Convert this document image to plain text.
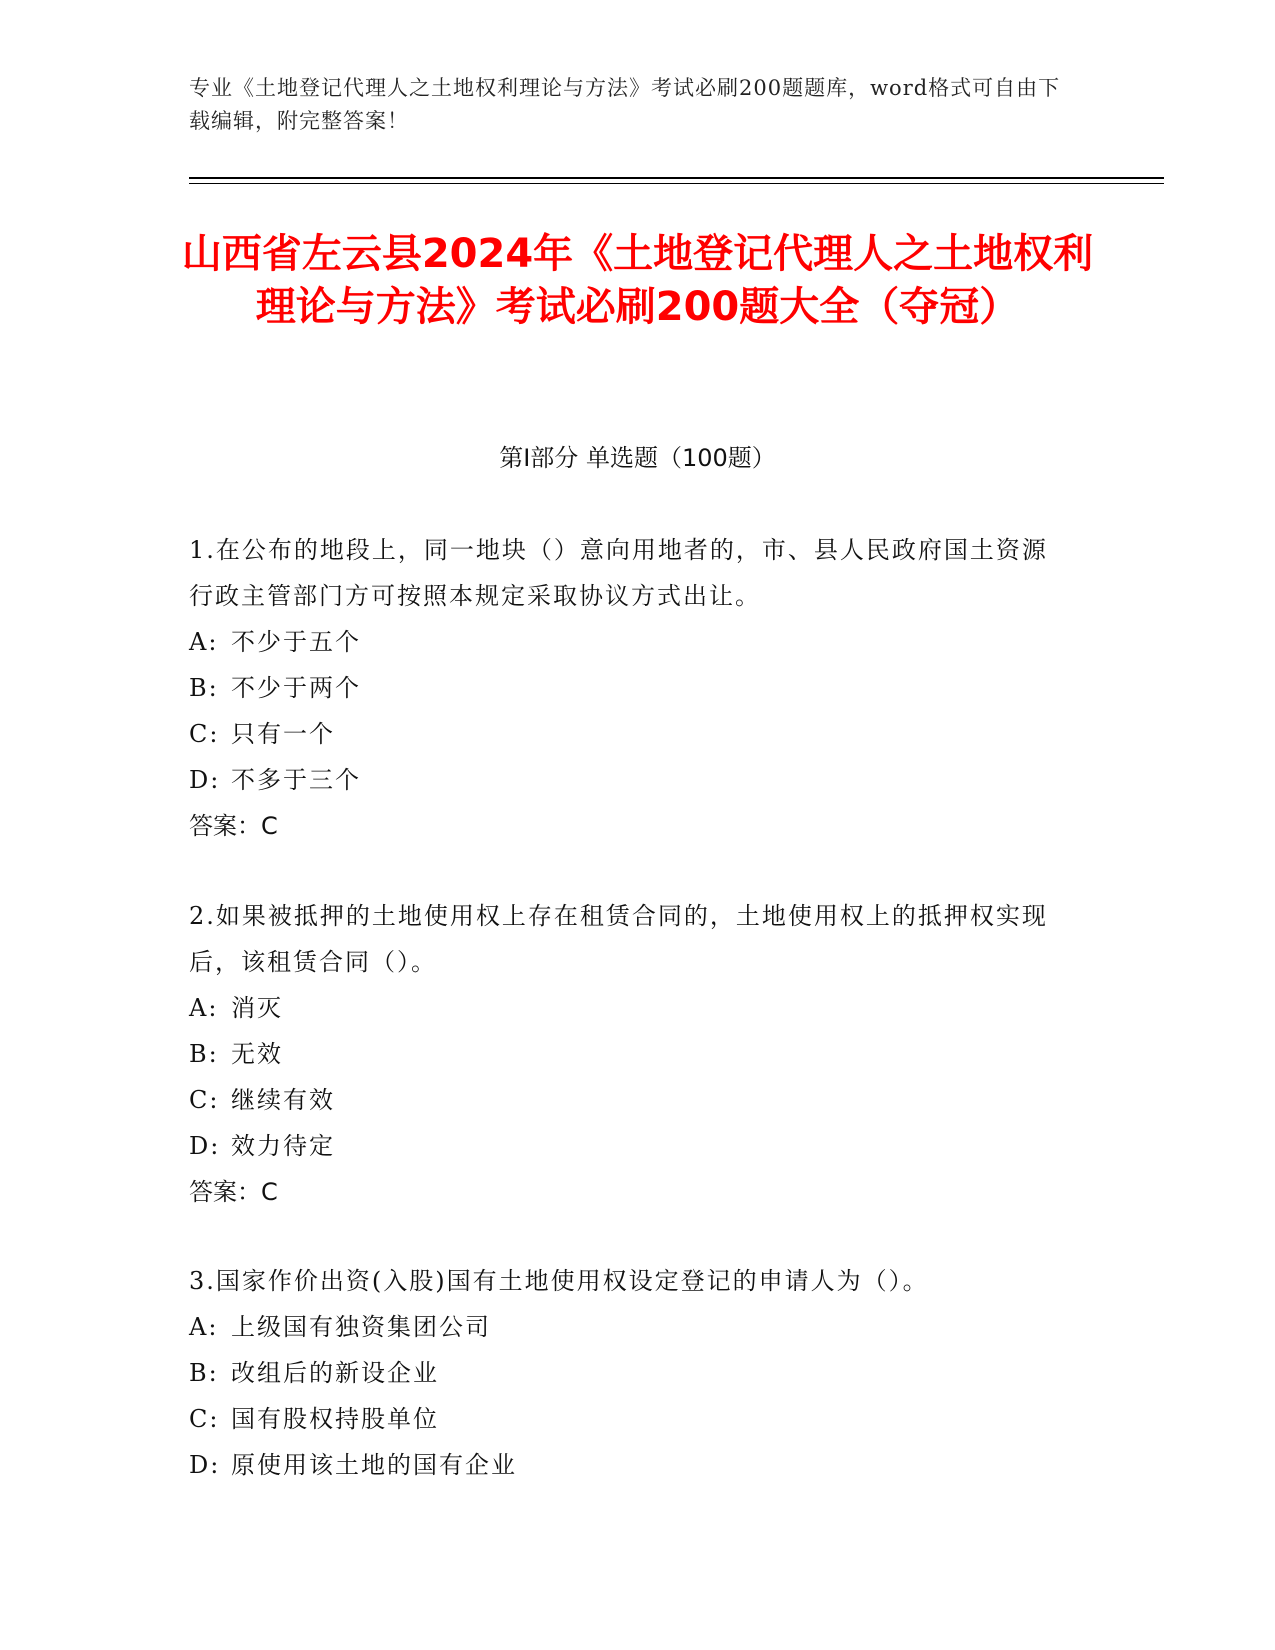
专业《土地登记代理人之土地权利理论与方法》考试必刷200题题库，word格式可自由下载编辑，附完整答案！
山西省左云县2024年《土地登记代理人之土地权利理论与方法》考试必刷200题大全（夺冠）
第I部分 单选题（100题）
1.在公布的地段上，同一地块（）意向用地者的，市、县人民政府国土资源行政主管部门方可按照本规定采取协议方式出让。
A: 不少于五个
B: 不少于两个
C: 只有一个
D: 不多于三个
答案：C
2.如果被抵押的土地使用权上存在租赁合同的，土地使用权上的抵押权实现后，该租赁合同（）。
A: 消灭
B: 无效
C: 继续有效
D: 效力待定
答案：C
3.国家作价出资(入股)国有土地使用权设定登记的申请人为（）。
A: 上级国有独资集团公司
B: 改组后的新设企业
C: 国有股权持股单位
D: 原使用该土地的国有企业
